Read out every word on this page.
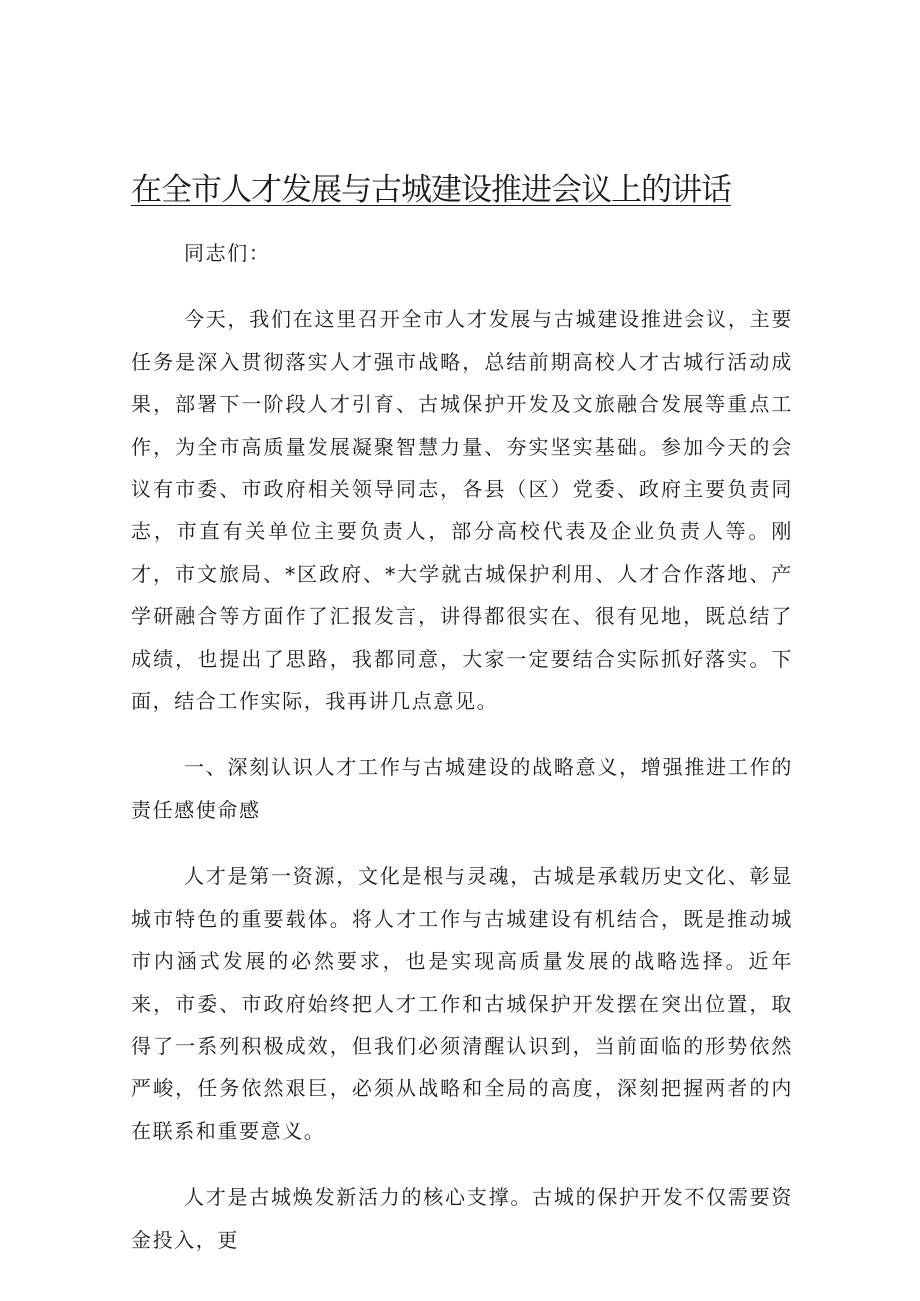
在全市人才发展与古城建设推进会议上的讲话

同志们：

今天，我们在这里召开全市人才发展与古城建设推进会议，主要任务是深入贯彻落实人才强市战略，总结前期高校人才古城行活动成果，部署下一阶段人才引育、古城保护开发及文旅融合发展等重点工作，为全市高质量发展凝聚智慧力量、夯实坚实基础。参加今天的会议有市委、市政府相关领导同志，各县（区）党委、政府主要负责同志，市直有关单位主要负责人，部分高校代表及企业负责人等。刚才，市文旅局、*区政府、*大学就古城保护利用、人才合作落地、产学研融合等方面作了汇报发言，讲得都很实在、很有见地，既总结了成绩，也提出了思路，我都同意，大家一定要结合实际抓好落实。下面，结合工作实际，我再讲几点意见。

一、深刻认识人才工作与古城建设的战略意义，增强推进工作的责任感使命感

人才是第一资源，文化是根与灵魂，古城是承载历史文化、彰显城市特色的重要载体。将人才工作与古城建设有机结合，既是推动城市内涵式发展的必然要求，也是实现高质量发展的战略选择。近年来，市委、市政府始终把人才工作和古城保护开发摆在突出位置，取得了一系列积极成效，但我们必须清醒认识到，当前面临的形势依然严峻，任务依然艰巨，必须从战略和全局的高度，深刻把握两者的内在联系和重要意义。

人才是古城焕发新活力的核心支撑。古城的保护开发不仅需要资金投入，更
